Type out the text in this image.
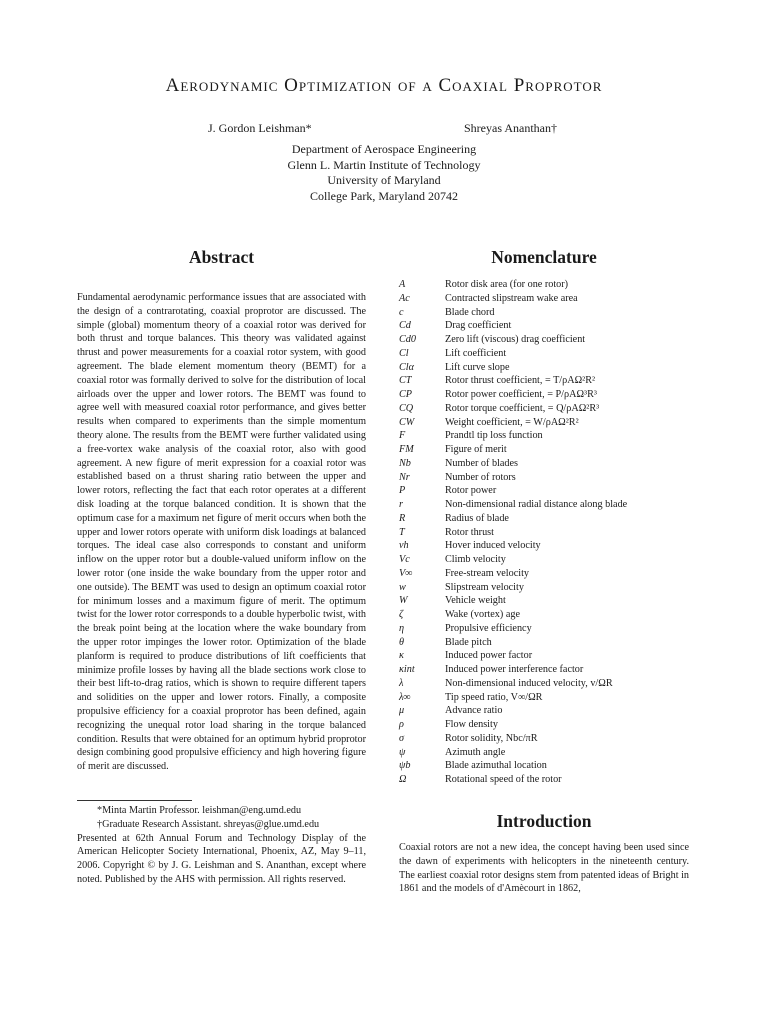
Aerodynamic Optimization of a Coaxial Proprotor
J. Gordon Leishman*	Shreyas Ananthan†
Department of Aerospace Engineering
Glenn L. Martin Institute of Technology
University of Maryland
College Park, Maryland 20742
Abstract
Fundamental aerodynamic performance issues that are associated with the design of a contrarotating, coaxial proprotor are discussed. The simple (global) momentum theory of a coaxial rotor was derived for both thrust and torque balances. This theory was validated against thrust and power measurements for a coaxial rotor system, with good agreement. The blade element momentum theory (BEMT) for a coaxial rotor was formally derived to solve for the distribution of local airloads over the upper and lower rotors. The BEMT was found to agree well with measured coaxial rotor performance, and gives better results when compared to experiments than the simple momentum theory alone. The results from the BEMT were further validated using a free-vortex wake analysis of the coaxial rotor, also with good agreement. A new figure of merit expression for a coaxial rotor was established based on a thrust sharing ratio between the upper and lower rotors, reflecting the fact that each rotor operates at a different disk loading at the torque balanced condition. It is shown that the optimum case for a maximum net figure of merit occurs when both the upper and lower rotors operate with uniform disk loadings at balanced torques. The ideal case also corresponds to constant and uniform inflow on the upper rotor but a double-valued uniform inflow on the lower rotor (one inside the wake boundary from the upper rotor and one outside). The BEMT was used to design an optimum coaxial rotor for minimum losses and a maximum figure of merit. The optimum twist for the lower rotor corresponds to a double hyperbolic twist, with the break point being at the location where the wake boundary from the upper rotor impinges the lower rotor. Optimization of the blade planform is required to produce distributions of lift coefficients that minimize profile losses by having all the blade sections work close to their best lift-to-drag ratios, which is shown to require different tapers and solidities on the upper and lower rotors. Finally, a composite propulsive efficiency for a coaxial proprotor has been defined, again recognizing the unequal rotor load sharing in the torque balanced condition. Results that were obtained for an optimum hybrid proprotor design combining good propulsive efficiency and high hovering figure of merit are discussed.
*Minta Martin Professor. leishman@eng.umd.edu
†Graduate Research Assistant. shreyas@glue.umd.edu
Presented at 62th Annual Forum and Technology Display of the American Helicopter Society International, Phoenix, AZ, May 9–11, 2006. Copyright © by J. G. Leishman and S. Ananthan, except where noted. Published by the AHS with permission. All rights reserved.
Nomenclature
A	Rotor disk area (for one rotor)
Ac	Contracted slipstream wake area
c	Blade chord
Cd	Drag coefficient
Cd0	Zero lift (viscous) drag coefficient
Cl	Lift coefficient
Clα	Lift curve slope
CT	Rotor thrust coefficient, = T/ρAΩ²R²
CP	Rotor power coefficient, = P/ρAΩ³R³
CQ	Rotor torque coefficient, = Q/ρAΩ²R³
CW	Weight coefficient, = W/ρAΩ²R²
F	Prandtl tip loss function
FM	Figure of merit
Nb	Number of blades
Nr	Number of rotors
P	Rotor power
r	Non-dimensional radial distance along blade
R	Radius of blade
T	Rotor thrust
vh	Hover induced velocity
Vc	Climb velocity
V∞	Free-stream velocity
w	Slipstream velocity
W	Vehicle weight
ζ	Wake (vortex) age
η	Propulsive efficiency
θ	Blade pitch
κ	Induced power factor
κint	Induced power interference factor
λ	Non-dimensional induced velocity, v/ΩR
λ∞	Tip speed ratio, V∞/ΩR
μ	Advance ratio
ρ	Flow density
σ	Rotor solidity, Nbc/πR
ψ	Azimuth angle
ψb	Blade azimuthal location
Ω	Rotational speed of the rotor
Introduction
Coaxial rotors are not a new idea, the concept having been used since the dawn of experiments with helicopters in the nineteenth century. The earliest coaxial rotor designs stem from patented ideas of Bright in 1861 and the models of d'Amècourt in 1862,
